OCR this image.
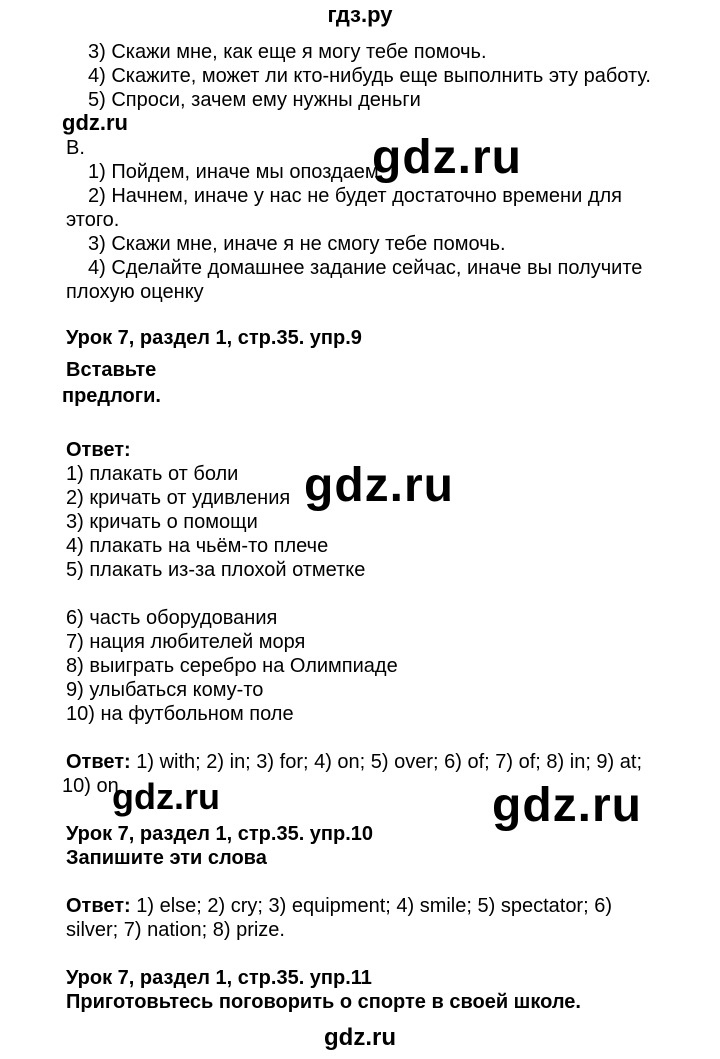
гдз.ру
3) Скажи мне, как еще я могу тебе помочь.
4) Скажите, может ли кто-нибудь еще выполнить эту работу.
5) Спроси, зачем ему нужны деньги
gdz.ru
B.
1) Пойдем, иначе мы опоздаем
gdz.ru
2) Начнем, иначе у нас не будет достаточно времени для
этого.
3) Скажи мне, иначе я не смогу тебе помочь.
4) Сделайте домашнее задание сейчас, иначе вы получите
плохую оценку
Урок 7, раздел 1, стр.35. упр.9
Вставьте
предлоги.
Ответ:
1) плакать от боли
2) кричать от удивления gdz.ru
3) кричать о помощи
4) плакать на чьём-то плече
5) плакать из-за плохой отметке
6) часть оборудования
7) нация любителей моря
8) выиграть серебро на Олимпиаде
9) улыбаться кому-то
10) на футбольном поле
Ответ: 1) with; 2) in; 3) for; 4) on; 5) over; 6) of; 7) of; 8) in; 9) at;
10) on
gdz.ru	gdz.ru
Урок 7, раздел 1, стр.35. упр.10
Запишите эти слова
Ответ: 1) else; 2) cry; 3) equipment; 4) smile; 5) spectator; 6)
silver; 7) nation; 8) prize.
Урок 7, раздел 1, стр.35. упр.11
Приготовьтесь поговорить о спорте в своей школе.
gdz.ru
